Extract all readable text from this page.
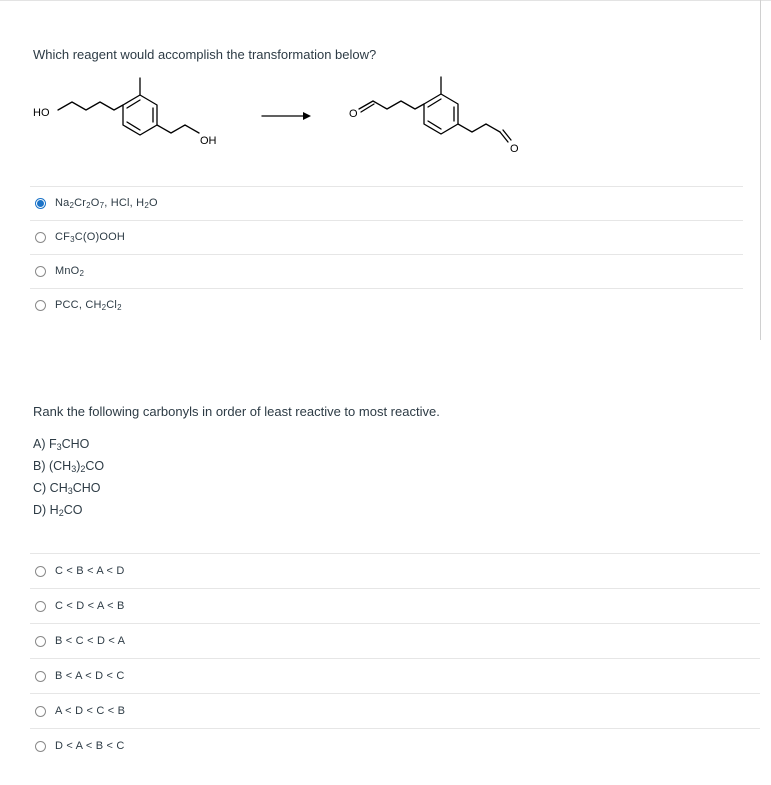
Which reagent would accomplish the transformation below?
HO
OH
O
O
$Na_2Cr_2O_7$, HCl, $H_2O$
$CF_3C(O)OOH$
MnO$_2$
PCC, $CH_2Cl_2$
Rank the following carbonyls in order of least reactive to most reactive.
A) $F_3CHO$
B) $(CH_3)_2CO$
C) $CH_3CHO$
D) $H_2CO$
C < B < A < D
C < D < A < B
B < C < D < A
B < A < D < C
A < D < C < B
D < A < B < C
